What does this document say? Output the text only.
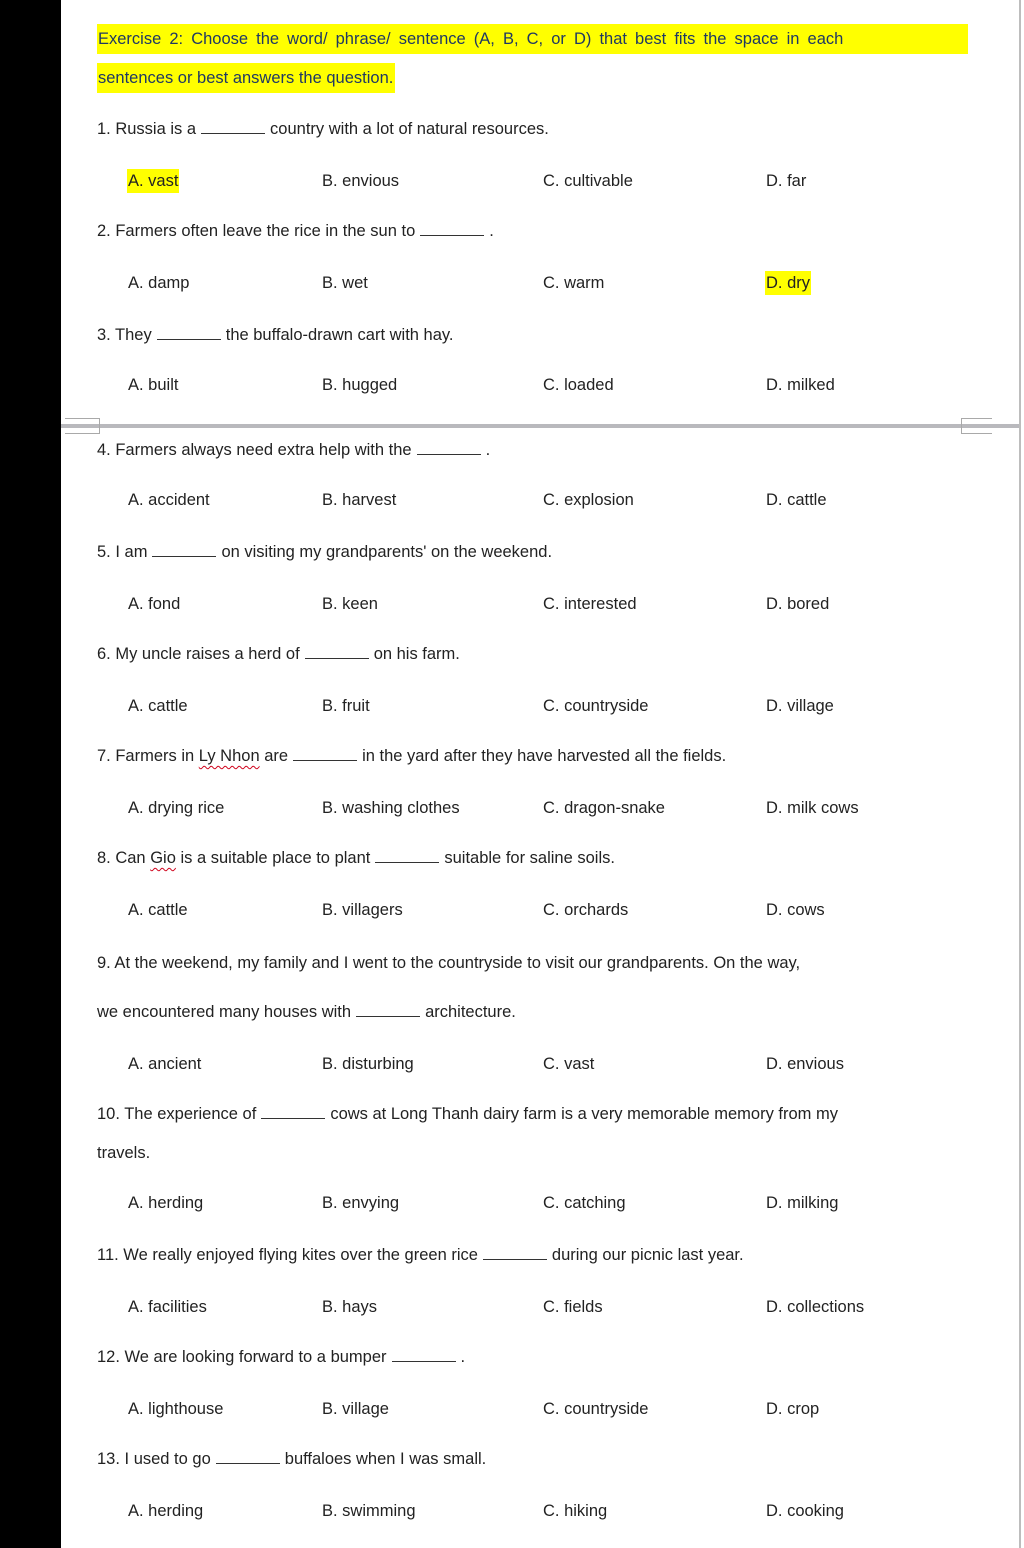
Exercise 2: Choose the word/ phrase/ sentence (A, B, C, or D) that best fits the space in each
sentences or best answers the question.
1. Russia is a	country with a lot of natural resources.
A. vast	B. envious	C. cultivable	D. far
2. Farmers often leave the rice in the sun to	.
A. damp	B. wet	C. warm	D. dry
3. They	the buffalo-drawn cart with hay.
A. built	B. hugged	C. loaded	D. milked
4. Farmers always need extra help with the	.
A. accident	B. harvest	C. explosion	D. cattle
5. I am	on visiting my grandparents' on the weekend.
A. fond	B. keen	C. interested	D. bored
6. My uncle raises a herd of	on his farm.
A. cattle	B. fruit	C. countryside	D. village
7. Farmers in Ly Nhon are	in the yard after they have harvested all the fields.
A. drying rice	B. washing clothes	C. dragon-snake	D. milk cows
8. Can Gio is a suitable place to plant	suitable for saline soils.
A. cattle	B. villagers	C. orchards	D. cows
9. At the weekend, my family and I went to the countryside to visit our grandparents. On the way,
we encountered many houses with	architecture.
A. ancient	B. disturbing	C. vast	D. envious
10. The experience of	cows at Long Thanh dairy farm is a very memorable memory from my
travels.
A. herding	B. envying	C. catching	D. milking
11. We really enjoyed flying kites over the green rice	during our picnic last year.
A. facilities	B. hays	C. fields	D. collections
12. We are looking forward to a bumper	.
A. lighthouse	B. village	C. countryside	D. crop
13. I used to go	buffaloes when I was small.
A. herding	B. swimming	C. hiking	D. cooking
